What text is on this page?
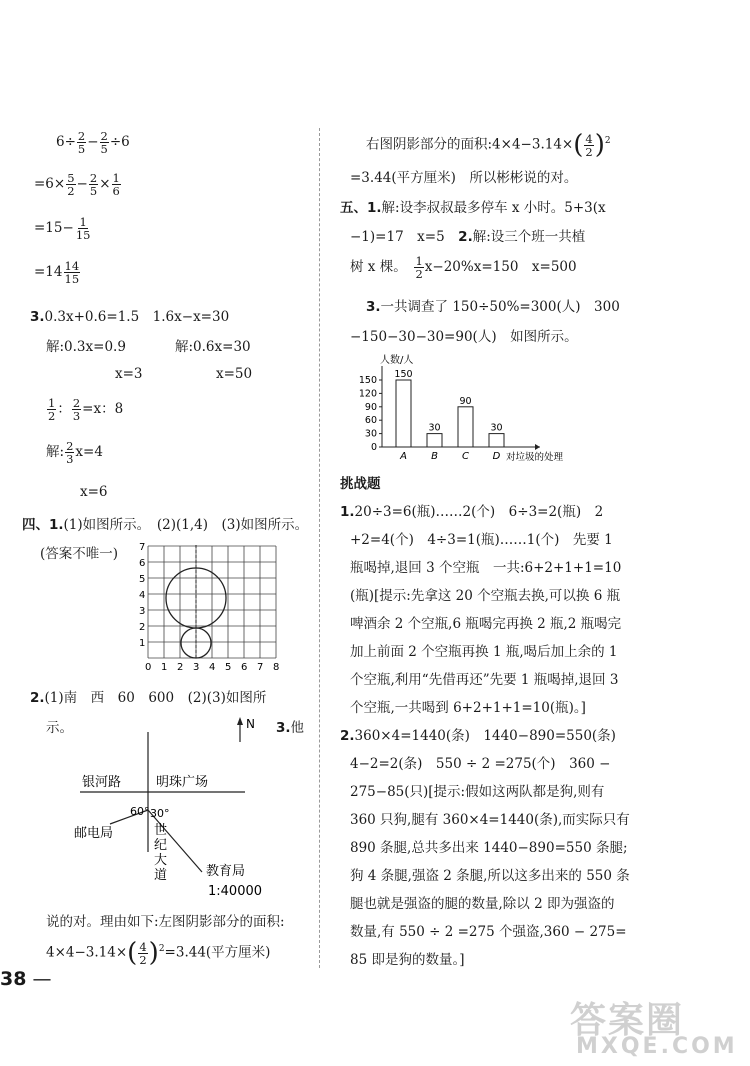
$6\div \frac{2}{5} - \frac{2}{5} \div 6$
$=6\times \frac{5}{2} - \frac{2}{5} \times \frac{1}{6}$
$=15- \frac{1}{15}$
$=14 \frac{14}{15}$
3.0.3x+0.6=1.5　1.6x−x=30
解:0.3x=0.9	解:0.6x=30
x=3	x=50
$\frac{1}{2}$ ： $\frac{2}{3} =x$：8
解: $\frac{2}{3} x=4$
x=6
四、1.(1)如图所示。　(2)(1,4)　(3)如图所示。
(答案不唯一)
0 1 2 3 4 5 6 7 8
1
2
3
4
5
6
7
2.(1)南　西　60　600　(2)(3)如图所
示。	3.他
N
银河路	明珠广场
60° 30°
邮电局	世
纪
大
道	教育局
1:40000
说的对。理由如下:左图阴影部分的面积:
$4\times 4-3.14\times( \frac{4}{2} )^2=3.44$(平方厘米)
38 —
右图阴影部分的面积:4×4−3.14×( $\frac{4}{2} )^2$
=3.44(平方厘米)　所以彬彬说的对。
五、1.解:设李叔叔最多停车 x 小时。5+3(x
−1)=17　x=5　 2.解:设三个班一共植
树 x 棵。　 $\frac{1}{2} x-20\%x=150$　x=500
3.一共调查了 150÷50%=300(人)　300
−150−30−30=90(人)　如图所示。
人数/人
0
30
60
90
120
150
150
A
30
B
90
C
30
D 对垃圾的处理
挑战题
1.20÷3=6(瓶)……2(个)　6÷3=2(瓶)　2
+2=4(个)　4÷3=1(瓶)……1(个)　先要 1
瓶喝掉,退回 3 个空瓶　一共:6+2+1+1=10
(瓶)[提示:先拿这 20 个空瓶去换,可以换 6 瓶
啤酒余 2 个空瓶,6 瓶喝完再换 2 瓶,2 瓶喝完
加上前面 2 个空瓶再换 1 瓶,喝后加上余的 1
个空瓶,利用“先借再还”先要 1 瓶喝掉,退回 3
个空瓶,一共喝到 6+2+1+1=10(瓶)。]
2.360×4=1440(条)　1440−890=550(条)
4−2=2(条)　550 ÷ 2 =275(个)　360 −
275−85(只)[提示:假如这两队都是狗,则有
360 只狗,腿有 360×4=1440(条),而实际只有
890 条腿,总共多出来 1440−890=550 条腿;
狗 4 条腿,强盗 2 条腿,所以这多出来的 550 条
腿也就是强盗的腿的数量,除以 2 即为强盗的
数量,有 550 ÷ 2 =275 个强盗,360 − 275=
85 即是狗的数量。]
答案圈
MXQE.COM
